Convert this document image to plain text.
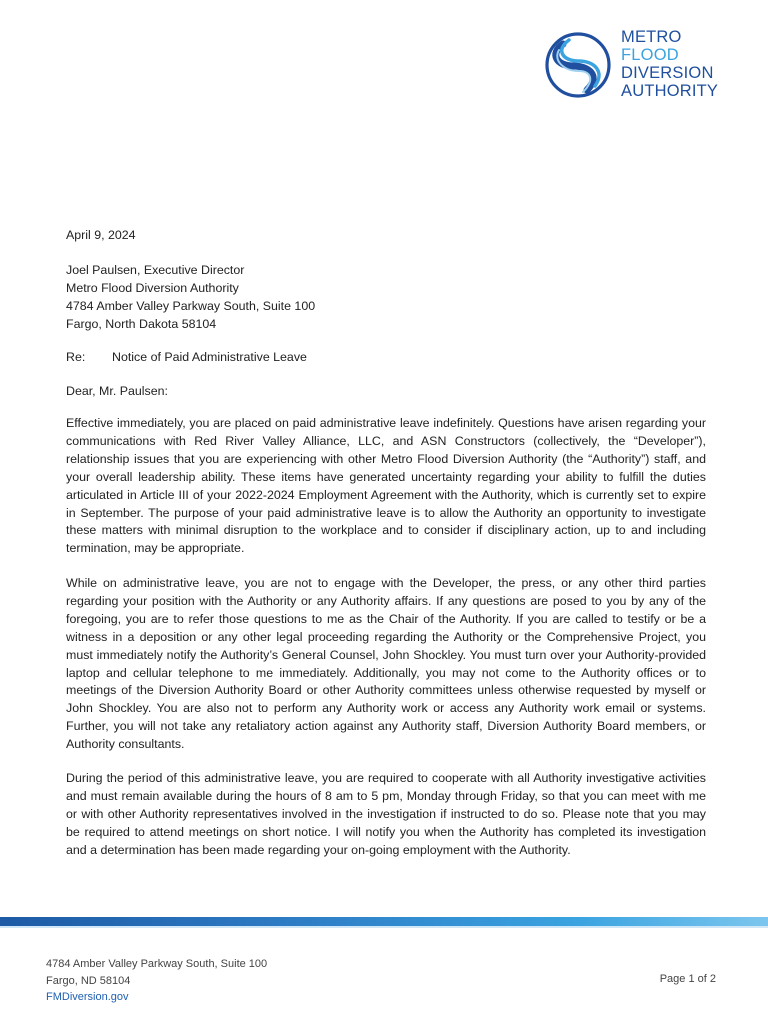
METRO
FLOOD
DIVERSION
AUTHORITY
April 9, 2024
Joel Paulsen, Executive Director
Metro Flood Diversion Authority
4784 Amber Valley Parkway South, Suite 100
Fargo, North Dakota 58104
Re: Notice of Paid Administrative Leave
Dear, Mr. Paulsen:

Effective immediately, you are placed on paid administrative leave indefinitely. Questions have arisen regarding your communications with Red River Valley Alliance, LLC, and ASN Constructors (collectively, the “Developer”), relationship issues that you are experiencing with other Metro Flood Diversion Authority (the “Authority”) staff, and your overall leadership ability. These items have generated uncertainty regarding your ability to fulfill the duties articulated in Article III of your 2022-2024 Employment Agreement with the Authority, which is currently set to expire in September. The purpose of your paid administrative leave is to allow the Authority an opportunity to investigate these matters with minimal disruption to the workplace and to consider if disciplinary action, up to and including termination, may be appropriate.

While on administrative leave, you are not to engage with the Developer, the press, or any other third parties regarding your position with the Authority or any Authority affairs. If any questions are posed to you by any of the foregoing, you are to refer those questions to me as the Chair of the Authority. If you are called to testify or be a witness in a deposition or any other legal proceeding regarding the Authority or the Comprehensive Project, you must immediately notify the Authority’s General Counsel, John Shockley. You must turn over your Authority-provided laptop and cellular telephone to me immediately. Additionally, you may not come to the Authority offices or to meetings of the Diversion Authority Board or other Authority committees unless otherwise requested by myself or John Shockley. You are also not to perform any Authority work or access any Authority work email or systems. Further, you will not take any retaliatory action against any Authority staff, Diversion Authority Board members, or Authority consultants.

During the period of this administrative leave, you are required to cooperate with all Authority investigative activities and must remain available during the hours of 8 am to 5 pm, Monday through Friday, so that you can meet with me or with other Authority representatives involved in the investigation if instructed to do so. Please note that you may be required to attend meetings on short notice. I will notify you when the Authority has completed its investigation and a determination has been made regarding your on-going employment with the Authority.

4784 Amber Valley Parkway South, Suite 100
Fargo, ND 58104
FMDiversion.gov
Page 1 of 2
